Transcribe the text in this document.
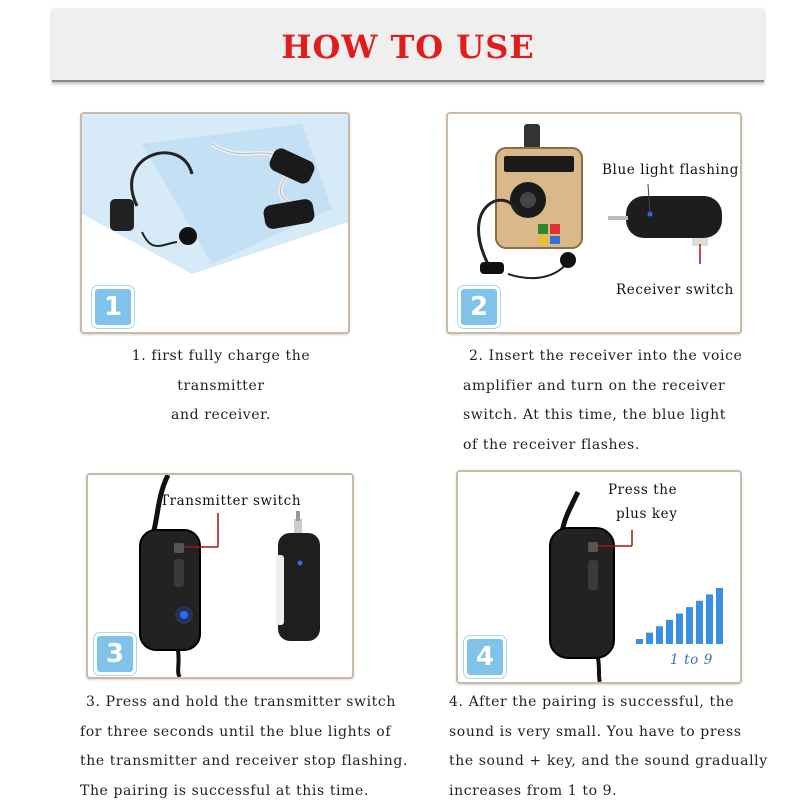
HOW TO USE
1
1. first fully charge the transmitter
and receiver.
Blue light flashing
Receiver switch
2
2. Insert the receiver into the voice
amplifier and turn on the receiver
switch. At this time, the blue light
of the receiver flashes.
Transmitter switch
3
3. Press and hold the transmitter switch
for three seconds until the blue lights of
the transmitter and receiver stop flashing.
The pairing is successful at this time.
Press the
plus key
1 to 9
4
4. After the pairing is successful, the
sound is very small. You have to press
the sound + key, and the sound gradually
increases from 1 to 9.
